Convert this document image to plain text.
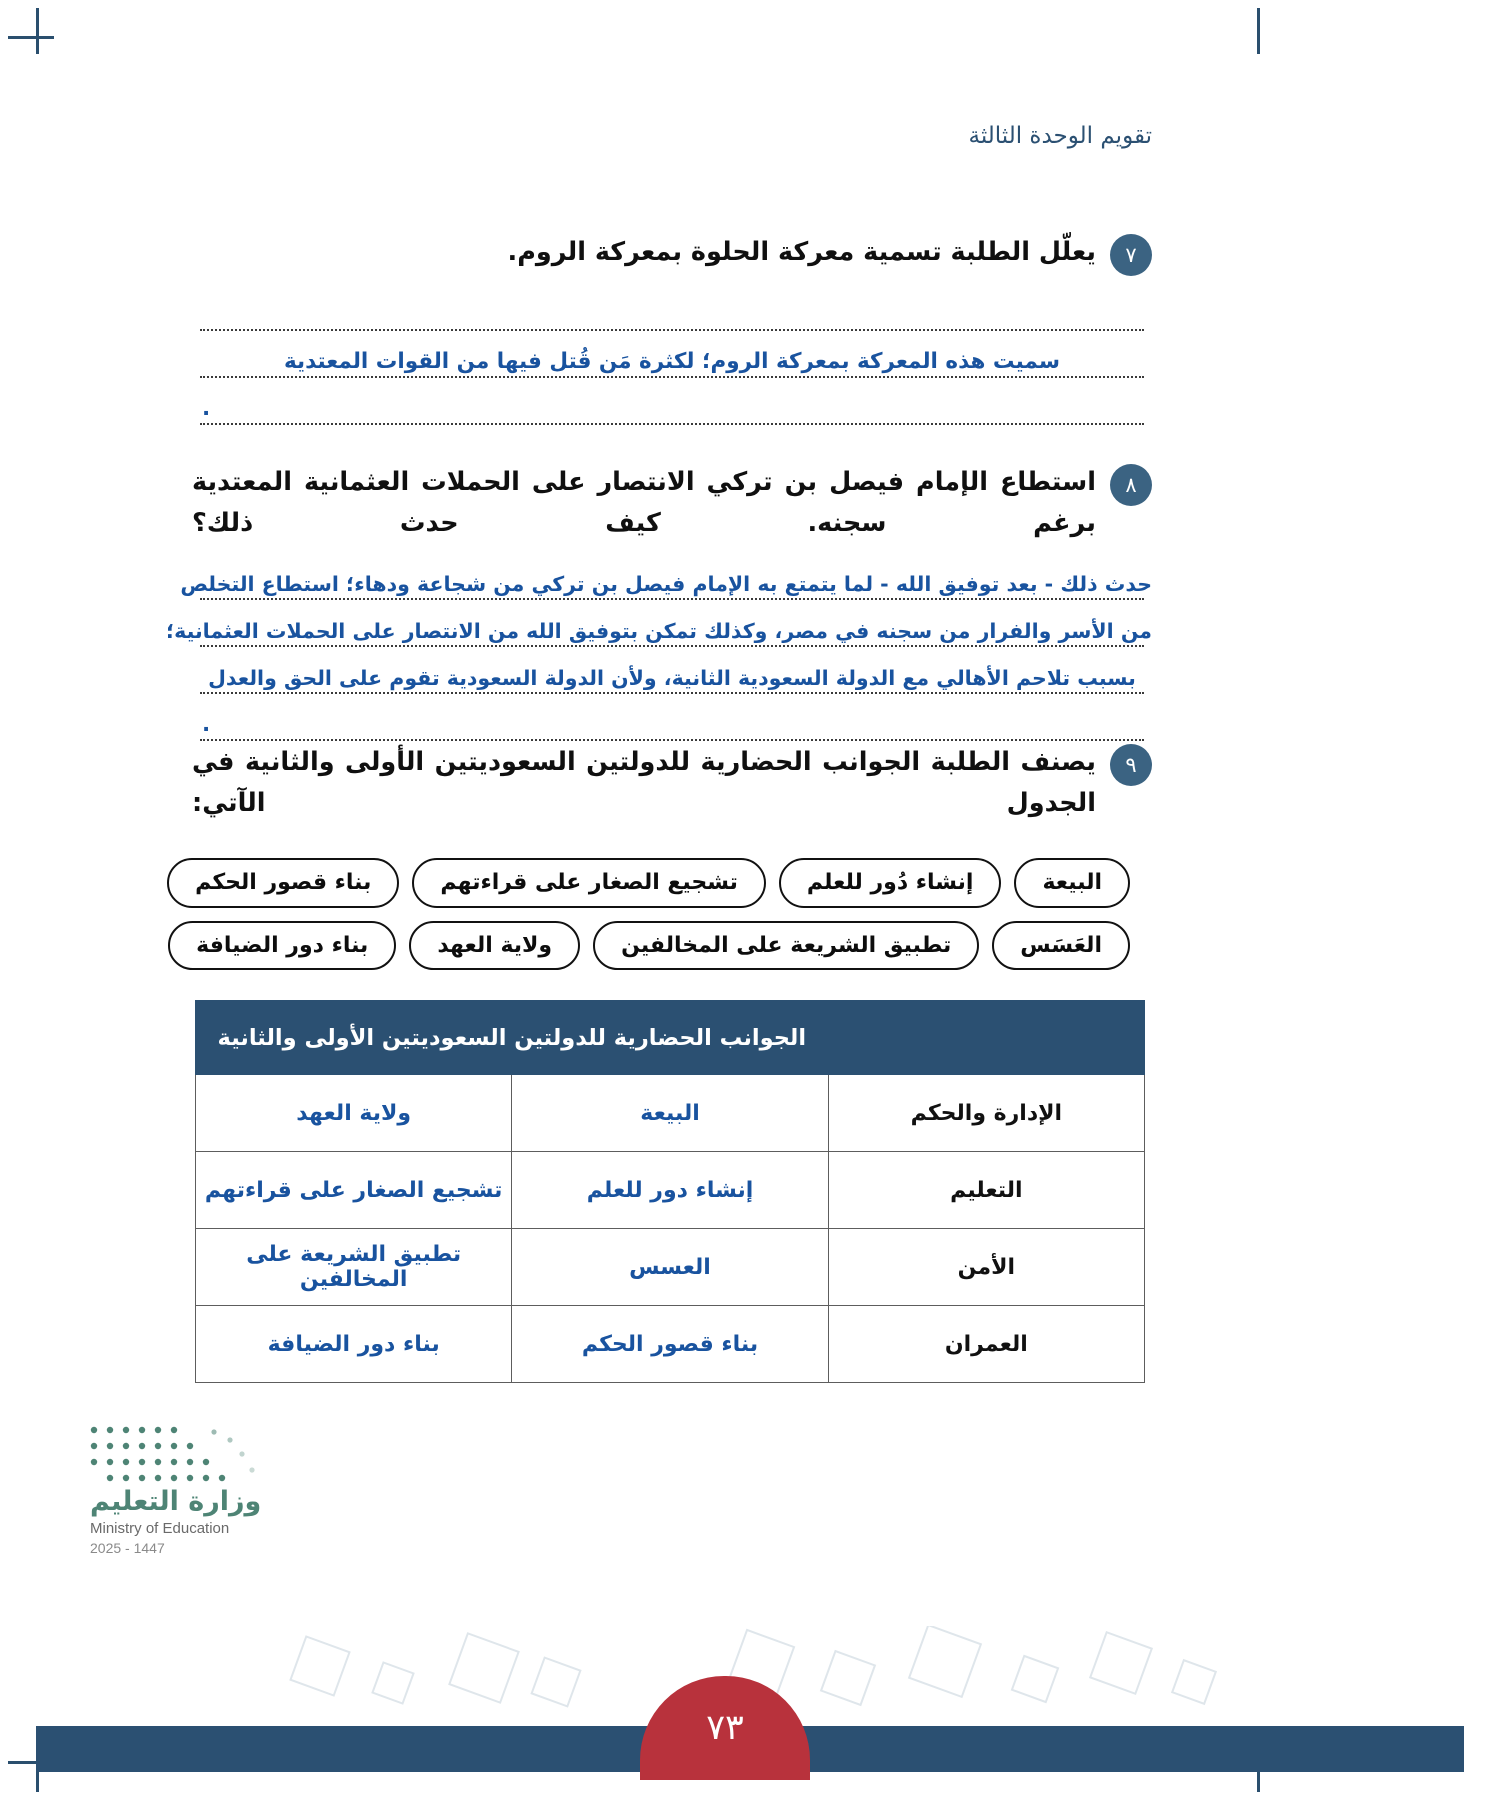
تقويم الوحدة الثالثة
٧
يعلّل الطلبة تسمية معركة الحلوة بمعركة الروم.
سميت هذه المعركة بمعركة الروم؛ لكثرة مَن قُتل فيها من القوات المعتدية
.
٨
استطاع الإمام فيصل بن تركي الانتصار على الحملات العثمانية المعتدية برغم سجنه. كيف حدث ذلك؟
حدث ذلك - بعد توفيق الله - لما يتمتع به الإمام فيصل بن تركي من شجاعة ودهاء؛ استطاع التخلص
من الأسر والفرار من سجنه في مصر، وكذلك تمكن بتوفيق الله من الانتصار على الحملات العثمانية؛
بسبب تلاحم الأهالي مع الدولة السعودية الثانية، ولأن الدولة السعودية تقوم على الحق والعدل
.
٩
يصنف الطلبة الجوانب الحضارية للدولتين السعوديتين الأولى والثانية في الجدول الآتي:
البيعة
إنشاء دُور للعلم
تشجيع الصغار على قراءتهم
بناء قصور الحكم
العَسَس
تطبيق الشريعة على المخالفين
ولاية العهد
بناء دور الضيافة
	الجوانب الحضارية للدولتين السعوديتين الأولى والثانية	
الإدارة والحكم	البيعة	ولاية العهد
التعليم	إنشاء دور للعلم	تشجيع الصغار على قراءتهم
الأمن	العسس	تطبيق الشريعة على المخالفين
العمران	بناء قصور الحكم	بناء دور الضيافة
وزارة التعليم
Ministry of Education
2025 - 1447
٧٣
